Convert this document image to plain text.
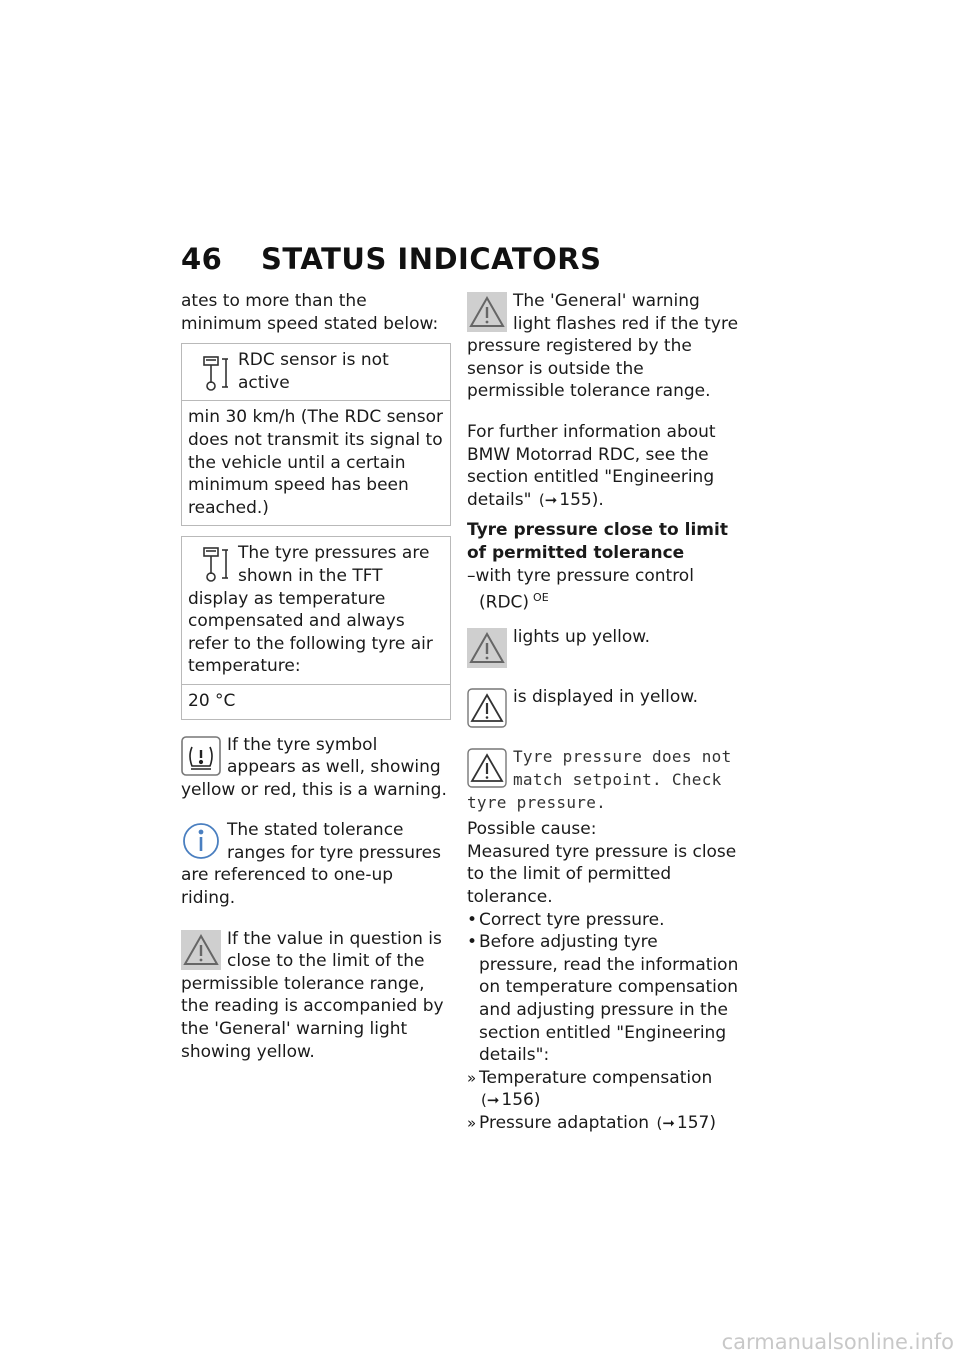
46	STATUS INDICATORS

ates to more than the minimum speed stated below:

RDC sensor is not active
min 30 km/h (The RDC sensor does not transmit its signal to the vehicle until a certain minimum speed has been reached.)
The tyre pressures are shown in the TFT display as temperature compensated and always refer to the following tyre air temperature:
20 °C
If the tyre symbol appears as well, showing yellow or red, this is a warning.
The stated tolerance ranges for tyre pressures are referenced to one-up riding.
If the value in question is close to the limit of the permissible tolerance range, the reading is accompanied by the 'General' warning light showing yellow.
The 'General' warning light flashes red if the tyre pressure registered by the sensor is outside the permissible tolerance range.

For further information about BMW Motorrad RDC, see the section entitled "Engineering details" (➞ 155).

Tyre pressure close to limit of permitted tolerance

–with tyre pressure control (RDC) $^{OE}$

lights up yellow.
is displayed in yellow.
Tyre pressure does not match setpoint. Check tyre pressure.

Possible cause:

Measured tyre pressure is close to the limit of permitted tolerance.

• Correct tyre pressure.

• Before adjusting tyre pressure, read the information on temperature compensation and adjusting pressure in the section entitled "Engineering details":

» Temperature compensation (➞ 156)

» Pressure adaptation (➞ 157)

carmanualsonline.info
